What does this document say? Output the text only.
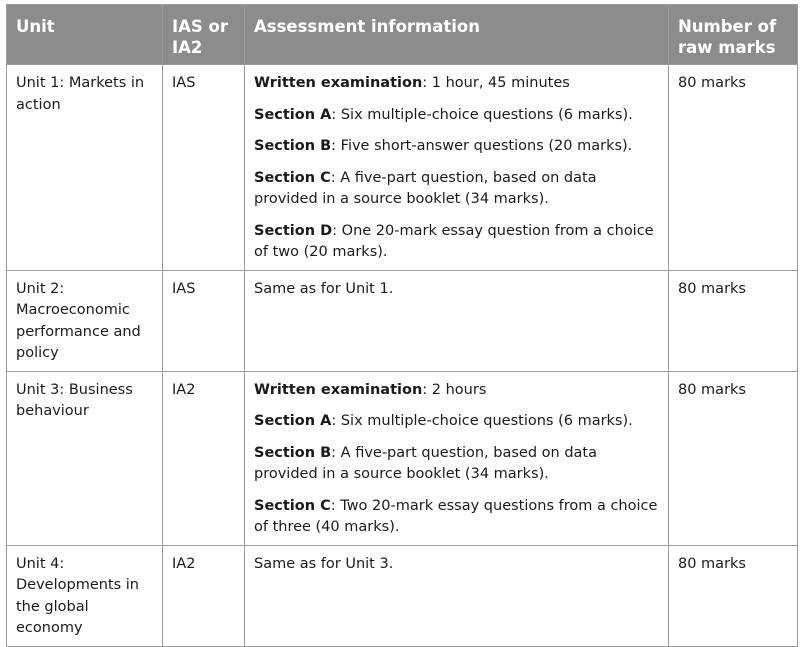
Unit	IAS or IA2	Assessment information	Number of raw marks
Unit 1: Markets in action	IAS	Written examination: 1 hour, 45 minutes

Section A: Six multiple-choice questions (6 marks).

Section B: Five short-answer questions (20 marks).

Section C: A five-part question, based on data provided in a source booklet (34 marks).

Section D: One 20-mark essay question from a choice of two (20 marks).	80 marks
Unit 2: Macroeconomic performance and policy	IAS	Same as for Unit 1.	80 marks
Unit 3: Business behaviour	IA2	Written examination: 2 hours

Section A: Six multiple-choice questions (6 marks).

Section B: A five-part question, based on data provided in a source booklet (34 marks).

Section C: Two 20-mark essay questions from a choice of three (40 marks).	80 marks
Unit 4: Developments in the global economy	IA2	Same as for Unit 3.	80 marks
